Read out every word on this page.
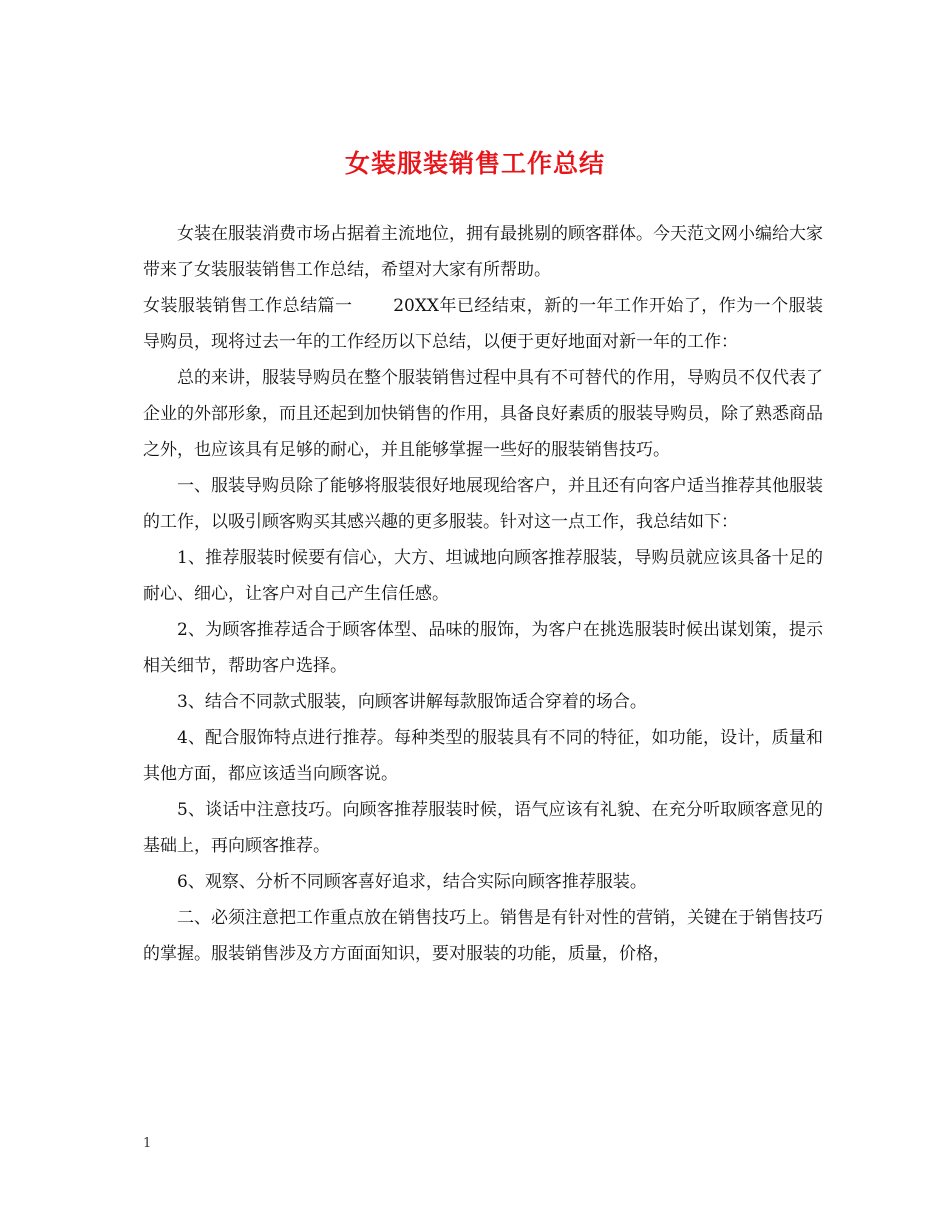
女装服装销售工作总结

女装在服装消费市场占据着主流地位，拥有最挑剔的顾客群体。今天范文网小编给大家带来了女装服装销售工作总结，希望对大家有所帮助。

女装服装销售工作总结篇一　　 20XX年已经结束，新的一年工作开始了，作为一个服装导购员，现将过去一年的工作经历以下总结，以便于更好地面对新一年的工作：

总的来讲，服装导购员在整个服装销售过程中具有不可替代的作用，导购员不仅代表了企业的外部形象，而且还起到加快销售的作用，具备良好素质的服装导购员，除了熟悉商品之外，也应该具有足够的耐心，并且能够掌握一些好的服装销售技巧。

一、服装导购员除了能够将服装很好地展现给客户，并且还有向客户适当推荐其他服装的工作，以吸引顾客购买其感兴趣的更多服装。针对这一点工作，我总结如下：

1、推荐服装时候要有信心，大方、坦诚地向顾客推荐服装，导购员就应该具备十足的耐心、细心，让客户对自己产生信任感。

2、为顾客推荐适合于顾客体型、品味的服饰，为客户在挑选服装时候出谋划策，提示相关细节，帮助客户选择。

3、结合不同款式服装，向顾客讲解每款服饰适合穿着的场合。

4、配合服饰特点进行推荐。每种类型的服装具有不同的特征，如功能，设计，质量和其他方面，都应该适当向顾客说。

5、谈话中注意技巧。向顾客推荐服装时候，语气应该有礼貌、在充分听取顾客意见的基础上，再向顾客推荐。

6、观察、分析不同顾客喜好追求，结合实际向顾客推荐服装。

二、必须注意把工作重点放在销售技巧上。销售是有针对性的营销，关键在于销售技巧的掌握。服装销售涉及方方面面知识，要对服装的功能，质量，价格，

1
